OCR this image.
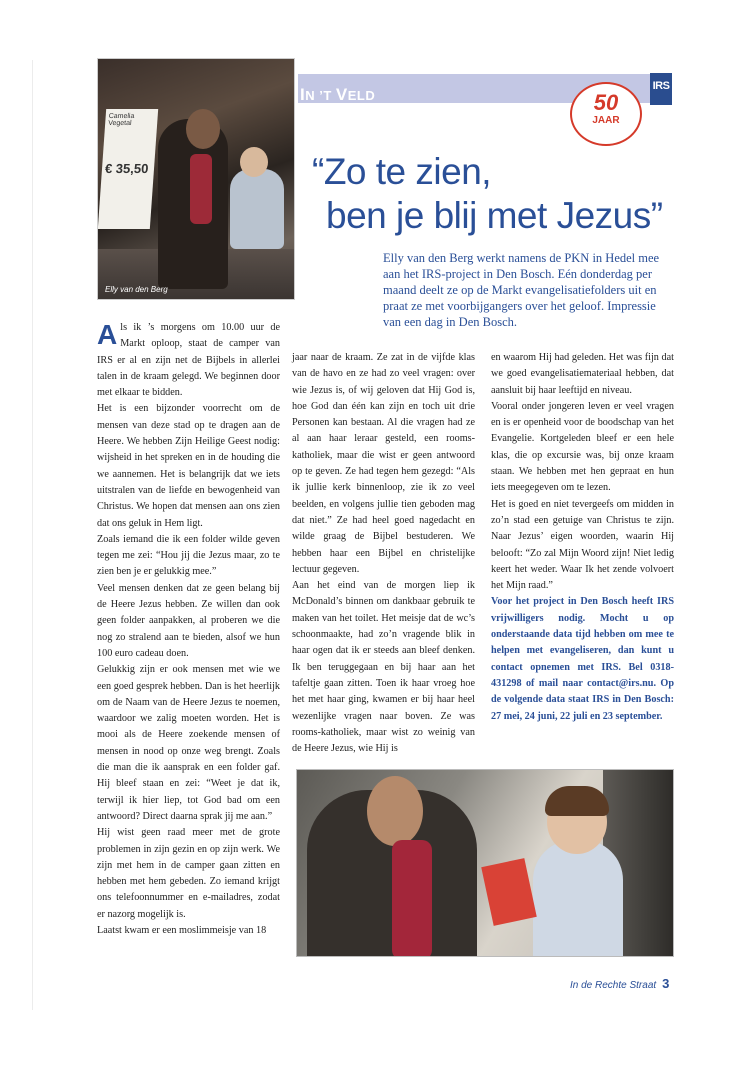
Camelia Vegetal
€ 35,50
Elly van den Berg
IN ’T VELD
IRS
50
JAAR
“Zo te zien,
ben je blij met Jezus”
Elly van den Berg werkt namens de PKN in Hedel mee aan het IRS-project in Den Bosch. Eén donderdag per maand deelt ze op de Markt evangelisatiefolders uit en praat ze met voorbijgangers over het geloof. Impressie van een dag in Den Bosch.

Als ik ’s morgens om 10.00 uur de Markt oploop, staat de camper van IRS er al en zijn net de Bijbels in allerlei talen in de kraam gelegd. We beginnen door met elkaar te bidden.

Het is een bijzonder voorrecht om de mensen van deze stad op te dragen aan de Heere. We hebben Zijn Heilige Geest nodig: wijsheid in het spreken en in de houding die we aannemen. Het is belangrijk dat we iets uitstralen van de liefde en bewogenheid van Christus. We hopen dat mensen aan ons zien dat ons geluk in Hem ligt.

Zoals iemand die ik een folder wilde geven tegen me zei: “Hou jij die Jezus maar, zo te zien ben je er gelukkig mee.”

Veel mensen denken dat ze geen belang bij de Heere Jezus hebben. Ze willen dan ook geen folder aanpakken, al proberen we die nog zo stralend aan te bieden, alsof we hun 100 euro cadeau doen.

Gelukkig zijn er ook mensen met wie we een goed gesprek hebben. Dan is het heerlijk om de Naam van de Heere Jezus te noemen, waardoor we zalig moeten worden. Het is mooi als de Heere zoekende mensen of mensen in nood op onze weg brengt. Zoals die man die ik aansprak en een folder gaf. Hij bleef staan en zei: “Weet je dat ik, terwijl ik hier liep, tot God bad om een antwoord? Direct daarna sprak jij me aan.”

Hij wist geen raad meer met de grote problemen in zijn gezin en op zijn werk. We zijn met hem in de camper gaan zitten en hebben met hem gebeden. Zo iemand krijgt ons telefoonnummer en e-mailadres, zodat er nazorg mogelijk is.

Laatst kwam er een moslimmeisje van 18

jaar naar de kraam. Ze zat in de vijfde klas van de havo en ze had zo veel vragen: over wie Jezus is, of wij geloven dat Hij God is, hoe God dan één kan zijn en toch uit drie Personen kan bestaan. Al die vragen had ze al aan haar leraar gesteld, een rooms-katholiek, maar die wist er geen antwoord op te geven. Ze had tegen hem gezegd: “Als ik jullie kerk binnenloop, zie ik zo veel beelden, en volgens jullie tien geboden mag dat niet.” Ze had heel goed nagedacht en wilde graag de Bijbel bestuderen. We hebben haar een Bijbel en christelijke lectuur gegeven.

Aan het eind van de morgen liep ik McDonald’s binnen om dankbaar gebruik te maken van het toilet. Het meisje dat de wc’s schoonmaakte, had zo’n vragende blik in haar ogen dat ik er steeds aan bleef denken. Ik ben teruggegaan en bij haar aan het tafeltje gaan zitten. Toen ik haar vroeg hoe het met haar ging, kwamen er bij haar heel wezenlijke vragen naar boven. Ze was rooms-katholiek, maar wist zo weinig van de Heere Jezus, wie Hij is

en waarom Hij had geleden. Het was fijn dat we goed evangelisatiemateriaal hebben, dat aansluit bij haar leeftijd en niveau.

Vooral onder jongeren leven er veel vragen en is er openheid voor de boodschap van het Evangelie. Kortgeleden bleef er een hele klas, die op excursie was, bij onze kraam staan. We hebben met hen gepraat en hun iets meegegeven om te lezen.

Het is goed en niet tevergeefs om midden in zo’n stad een getuige van Christus te zijn. Naar Jezus’ eigen woorden, waarin Hij belooft: “Zo zal Mijn Woord zijn! Niet ledig keert het weder. Waar Ik het zende volvoert het Mijn raad.”

Voor het project in Den Bosch heeft IRS vrijwilligers nodig. Mocht u op onderstaande data tijd hebben om mee te helpen met evangeliseren, dan kunt u contact opnemen met IRS. Bel 0318-431298 of mail naar contact@irs.nu. Op de volgende data staat IRS in Den Bosch: 27 mei, 24 juni, 22 juli en 23 september.

In de Rechte Straat 3
